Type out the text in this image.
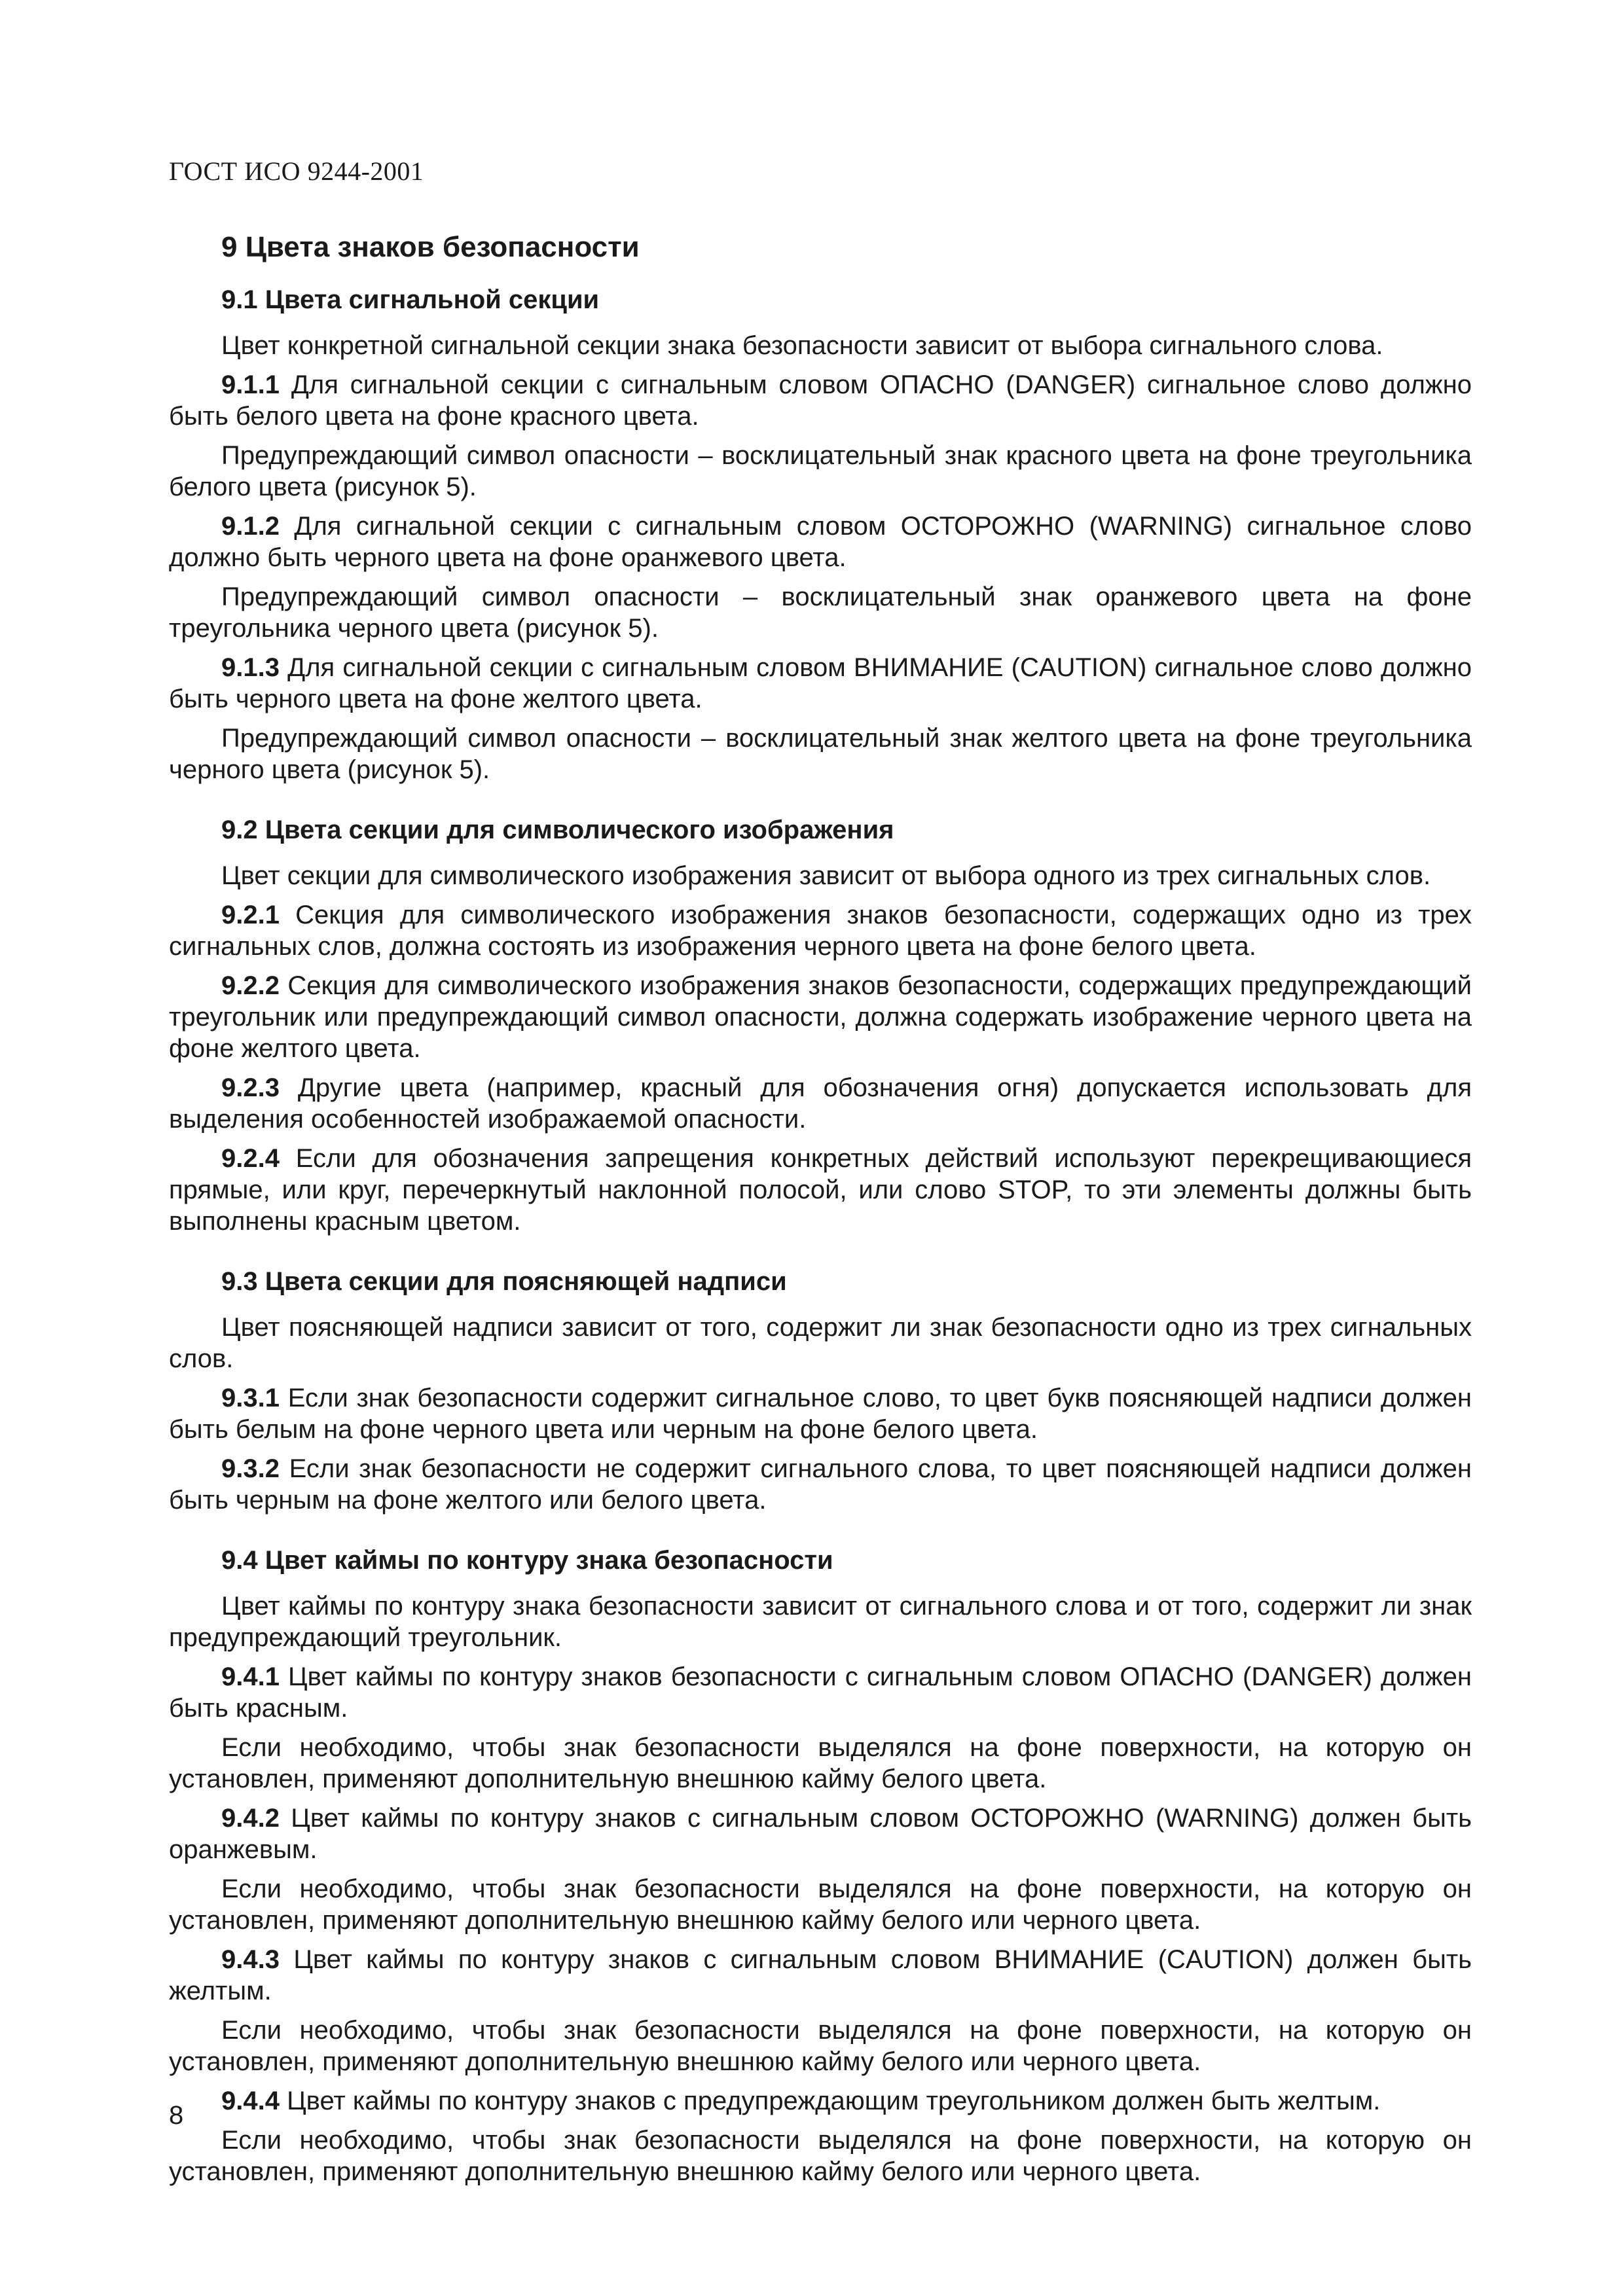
ГОСТ ИСО 9244-2001
9 Цвета знаков безопасности
9.1 Цвета сигнальной секции
Цвет конкретной сигнальной секции знака безопасности зависит от выбора сигнального слова.
9.1.1 Для сигнальной секции с сигнальным словом ОПАСНО (DANGER) сигнальное слово должно быть белого цвета на фоне красного цвета.
Предупреждающий символ опасности – восклицательный знак красного цвета на фоне треугольника белого цвета (рисунок 5).
9.1.2 Для сигнальной секции с сигнальным словом ОСТОРОЖНО (WARNING) сигнальное слово должно быть черного цвета на фоне оранжевого цвета.
Предупреждающий символ опасности – восклицательный знак оранжевого цвета на фоне треугольника черного цвета (рисунок 5).
9.1.3 Для сигнальной секции с сигнальным словом ВНИМАНИЕ (CAUTION) сигнальное слово должно быть черного цвета на фоне желтого цвета.
Предупреждающий символ опасности – восклицательный знак желтого цвета на фоне треугольника черного цвета (рисунок 5).
9.2 Цвета секции для символического изображения
Цвет секции для символического изображения зависит от выбора одного из трех сигнальных слов.
9.2.1 Секция для символического изображения знаков безопасности, содержащих одно из трех сигнальных слов, должна состоять из изображения черного цвета на фоне белого цвета.
9.2.2 Секция для символического изображения знаков безопасности, содержащих предупреждающий треугольник или предупреждающий символ опасности, должна содержать изображение черного цвета на фоне желтого цвета.
9.2.3 Другие цвета (например, красный для обозначения огня) допускается использовать для выделения особенностей изображаемой опасности.
9.2.4 Если для обозначения запрещения конкретных действий используют перекрещивающиеся прямые, или круг, перечеркнутый наклонной полосой, или слово STOP, то эти элементы должны быть выполнены красным цветом.
9.3 Цвета секции для поясняющей надписи
Цвет поясняющей надписи зависит от того, содержит ли знак безопасности одно из трех сигнальных слов.
9.3.1 Если знак безопасности содержит сигнальное слово, то цвет букв поясняющей надписи должен быть белым на фоне черного цвета или черным на фоне белого цвета.
9.3.2 Если знак безопасности не содержит сигнального слова, то цвет поясняющей надписи должен быть черным на фоне желтого или белого цвета.
9.4 Цвет каймы по контуру знака безопасности
Цвет каймы по контуру знака безопасности зависит от сигнального слова и от того, содержит ли знак предупреждающий треугольник.
9.4.1 Цвет каймы по контуру знаков безопасности с сигнальным словом ОПАСНО (DANGER) должен быть красным.
Если необходимо, чтобы знак безопасности выделялся на фоне поверхности, на которую он установлен, применяют дополнительную внешнюю кайму белого цвета.
9.4.2 Цвет каймы по контуру знаков с сигнальным словом ОСТОРОЖНО (WARNING) должен быть оранжевым.
Если необходимо, чтобы знак безопасности выделялся на фоне поверхности, на которую он установлен, применяют дополнительную внешнюю кайму белого или черного цвета.
9.4.3 Цвет каймы по контуру знаков с сигнальным словом ВНИМАНИЕ (CAUTION) должен быть желтым.
Если необходимо, чтобы знак безопасности выделялся на фоне поверхности, на которую он установлен, применяют дополнительную внешнюю кайму белого или черного цвета.
9.4.4 Цвет каймы по контуру знаков с предупреждающим треугольником должен быть желтым.
Если необходимо, чтобы знак безопасности выделялся на фоне поверхности, на которую он установлен, применяют дополнительную внешнюю кайму белого или черного цвета.
8
